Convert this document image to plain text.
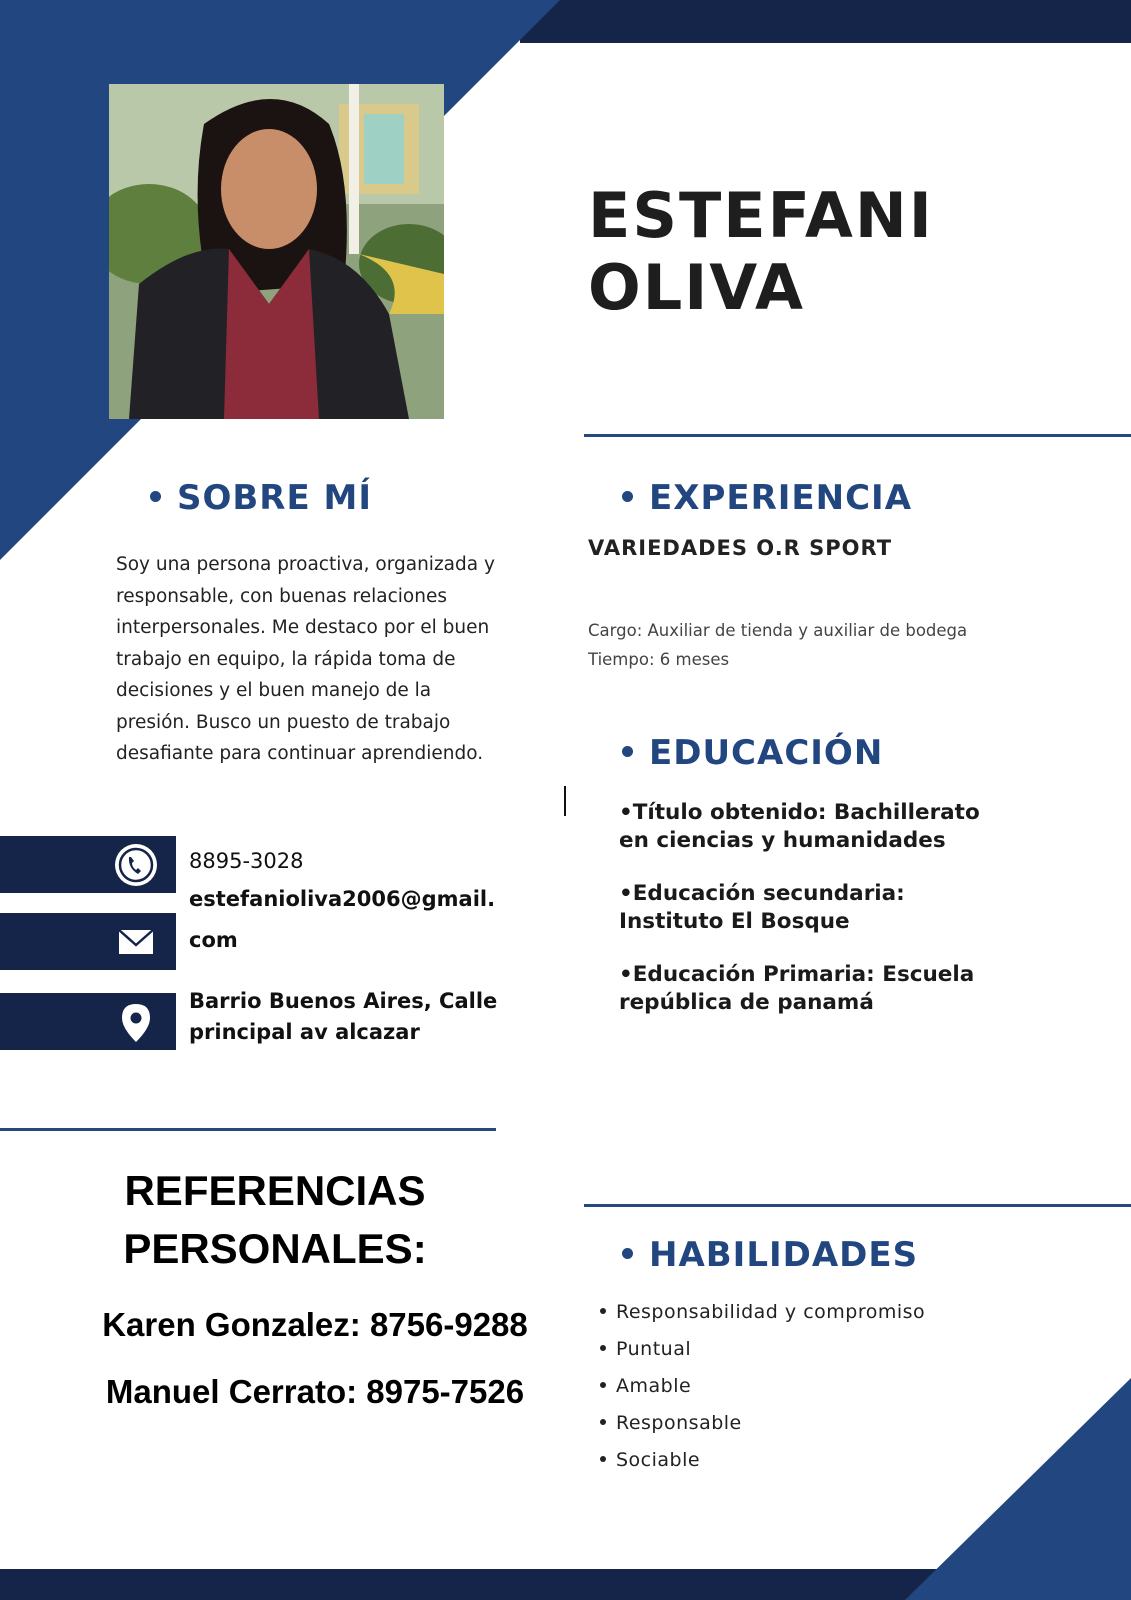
ESTEFANI
OLIVA
SOBRE MÍ
Soy una persona proactiva, organizada y responsable, con buenas relaciones interpersonales. Me destaco por el buen trabajo en equipo, la rápida toma de decisiones y el buen manejo de la presión. Busco un puesto de trabajo desafiante para continuar aprendiendo.
8895-3028
estefanioliva2006@gmail.
com
Barrio Buenos Aires, Calle
principal av alcazar
REFERENCIAS
PERSONALES:
Karen Gonzalez: 8756-9288
Manuel Cerrato: 8975-7526
EXPERIENCIA
VARIEDADES O.R SPORT
Cargo: Auxiliar de tienda y auxiliar de bodega
Tiempo: 6 meses
EDUCACIÓN
•Título obtenido: Bachillerato
en ciencias y humanidades
•Educación secundaria:
Instituto El Bosque
•Educación Primaria: Escuela
república de panamá
HABILIDADES
Responsabilidad y compromiso
Puntual
Amable
Responsable
Sociable
